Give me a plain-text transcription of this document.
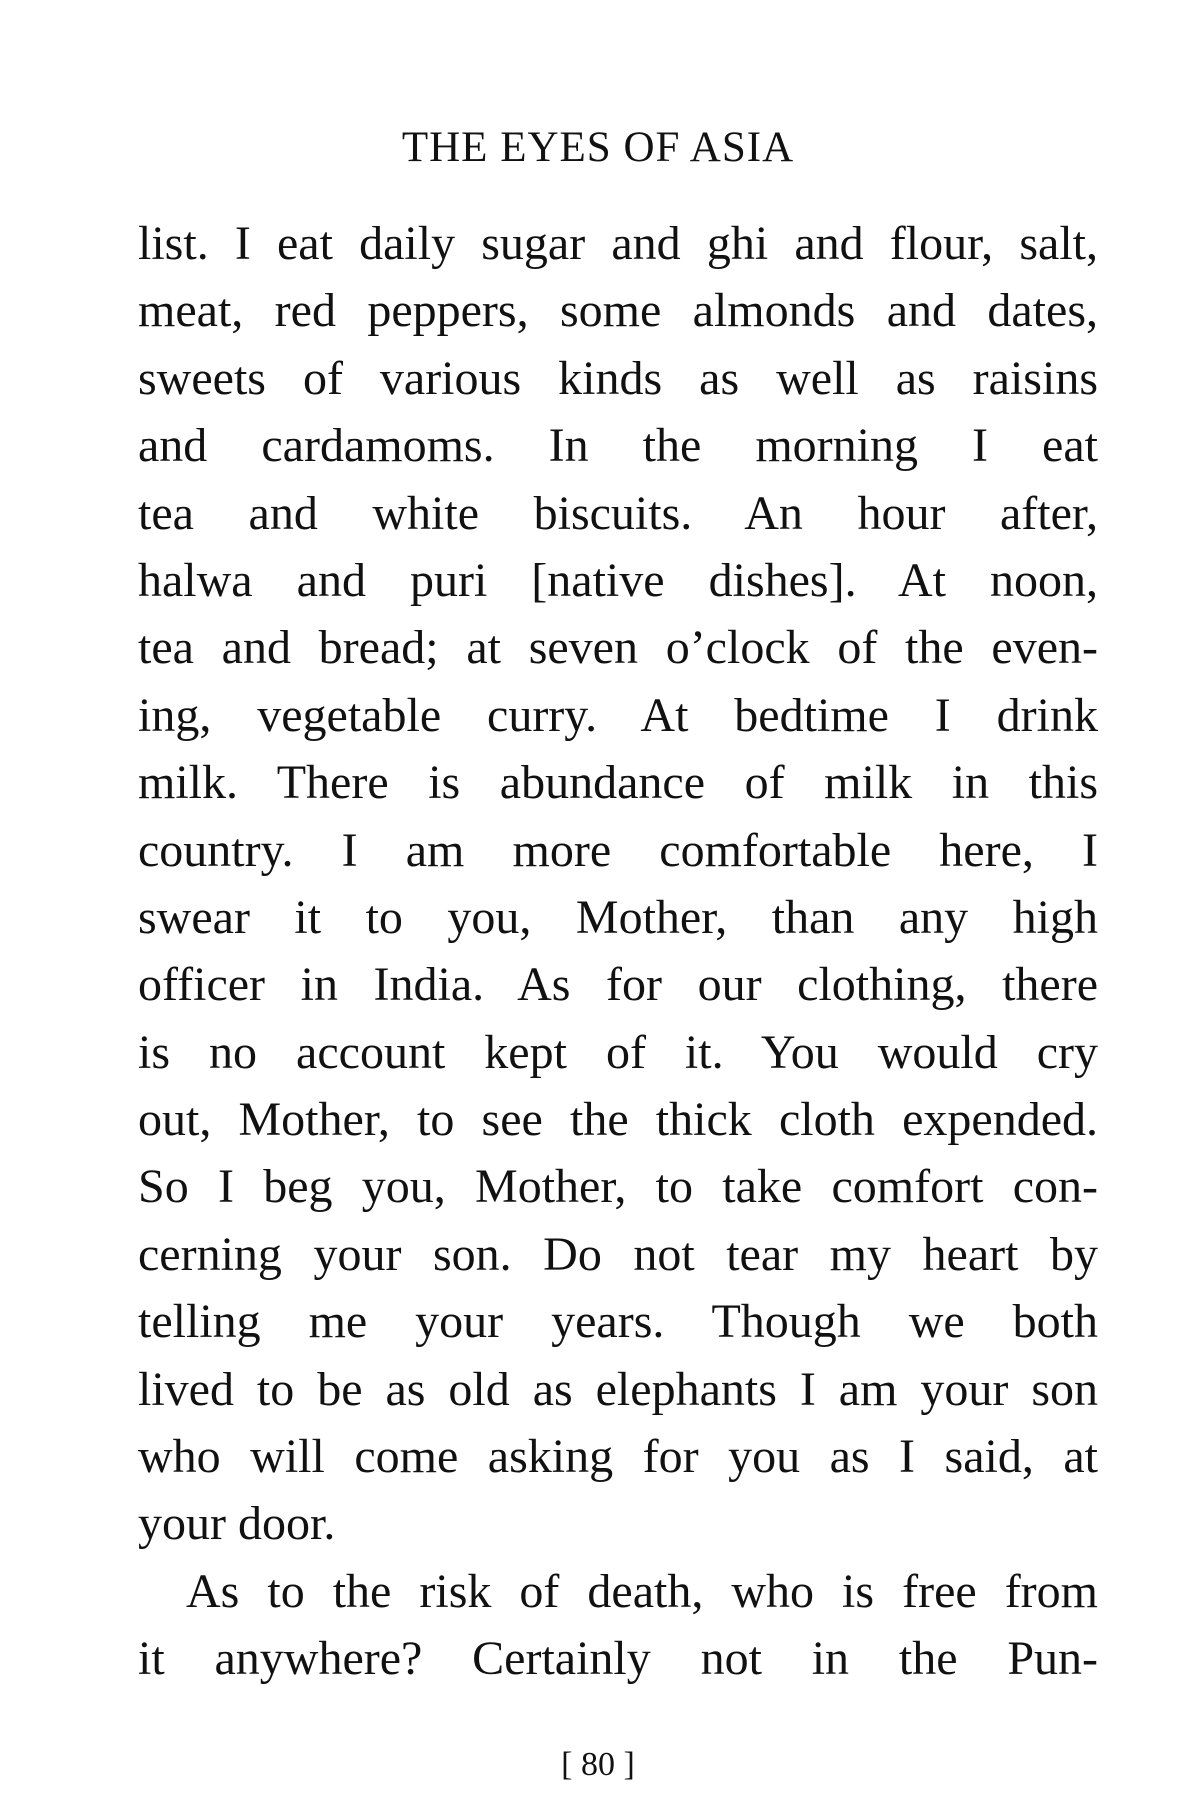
THE EYES OF ASIA
list. I eat daily sugar and ghi and flour, salt,
meat, red peppers, some almonds and dates,
sweets of various kinds as well as raisins
and cardamoms. In the morning I eat
tea and white biscuits. An hour after,
halwa and puri [native dishes]. At noon,
tea and bread; at seven o’clock of the even-
ing, vegetable curry. At bedtime I drink
milk. There is abundance of milk in this
country. I am more comfortable here, I
swear it to you, Mother, than any high
officer in India. As for our clothing, there
is no account kept of it. You would cry
out, Mother, to see the thick cloth expended.
So I beg you, Mother, to take comfort con-
cerning your son. Do not tear my heart by
telling me your years. Though we both
lived to be as old as elephants I am your son
who will come asking for you as I said, at
your door.
As to the risk of death, who is free from
it anywhere? Certainly not in the Pun-
[ 80 ]
